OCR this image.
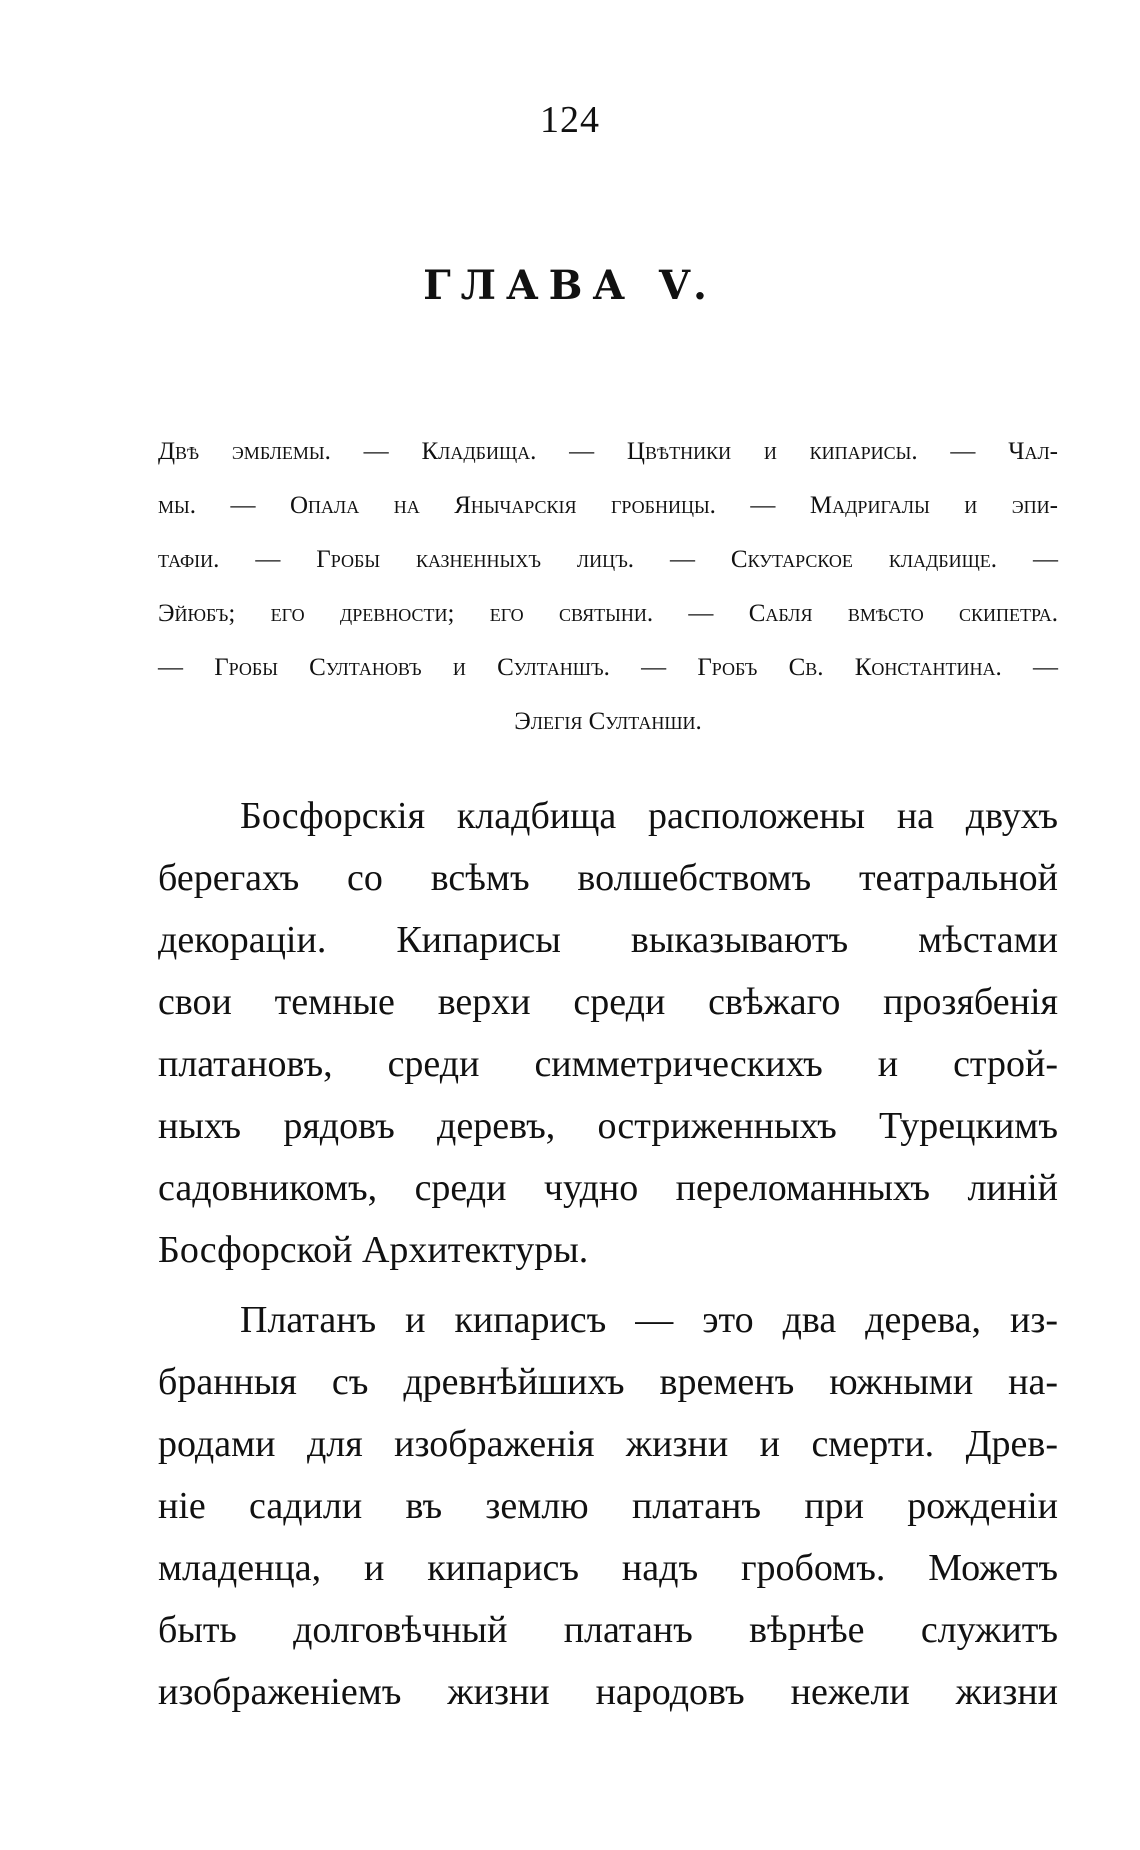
124
ГЛАВА V.
Двѣ эмблемы. — Кладбища. — Цвѣтники и кипарисы. — Чал-
мы. — Опала на Янычарскія гробницы. — Мадригалы и эпи-
тафіи. — Гробы казненныхъ лицъ. — Скутарское кладбище. —
Эйюбъ; его древности; его святыни. — Сабля вмѣсто скипетра.
— Гробы Султановъ и Султаншъ. — Гробъ Св. Константина. —
Элегія Султанши.
Босфорскія кладбища расположены на двухъ
берегахъ со всѣмъ волшебствомъ театральной
декораціи. Кипарисы выказываютъ мѣстами
свои темные верхи среди свѣжаго прозябенія
платановъ, среди симметрическихъ и строй-
ныхъ рядовъ деревъ, остриженныхъ Турецкимъ
садовникомъ, среди чудно переломанныхъ линій
Босфорской Архитектуры.
Платанъ и кипарисъ — это два дерева, из-
бранныя съ древнѣйшихъ временъ южными на-
родами для изображенія жизни и смерти. Древ-
ніе садили въ землю платанъ при рожденіи
младенца, и кипарисъ надъ гробомъ. Можетъ
быть долговѣчный платанъ вѣрнѣе служитъ
изображеніемъ жизни народовъ нежели жизни
